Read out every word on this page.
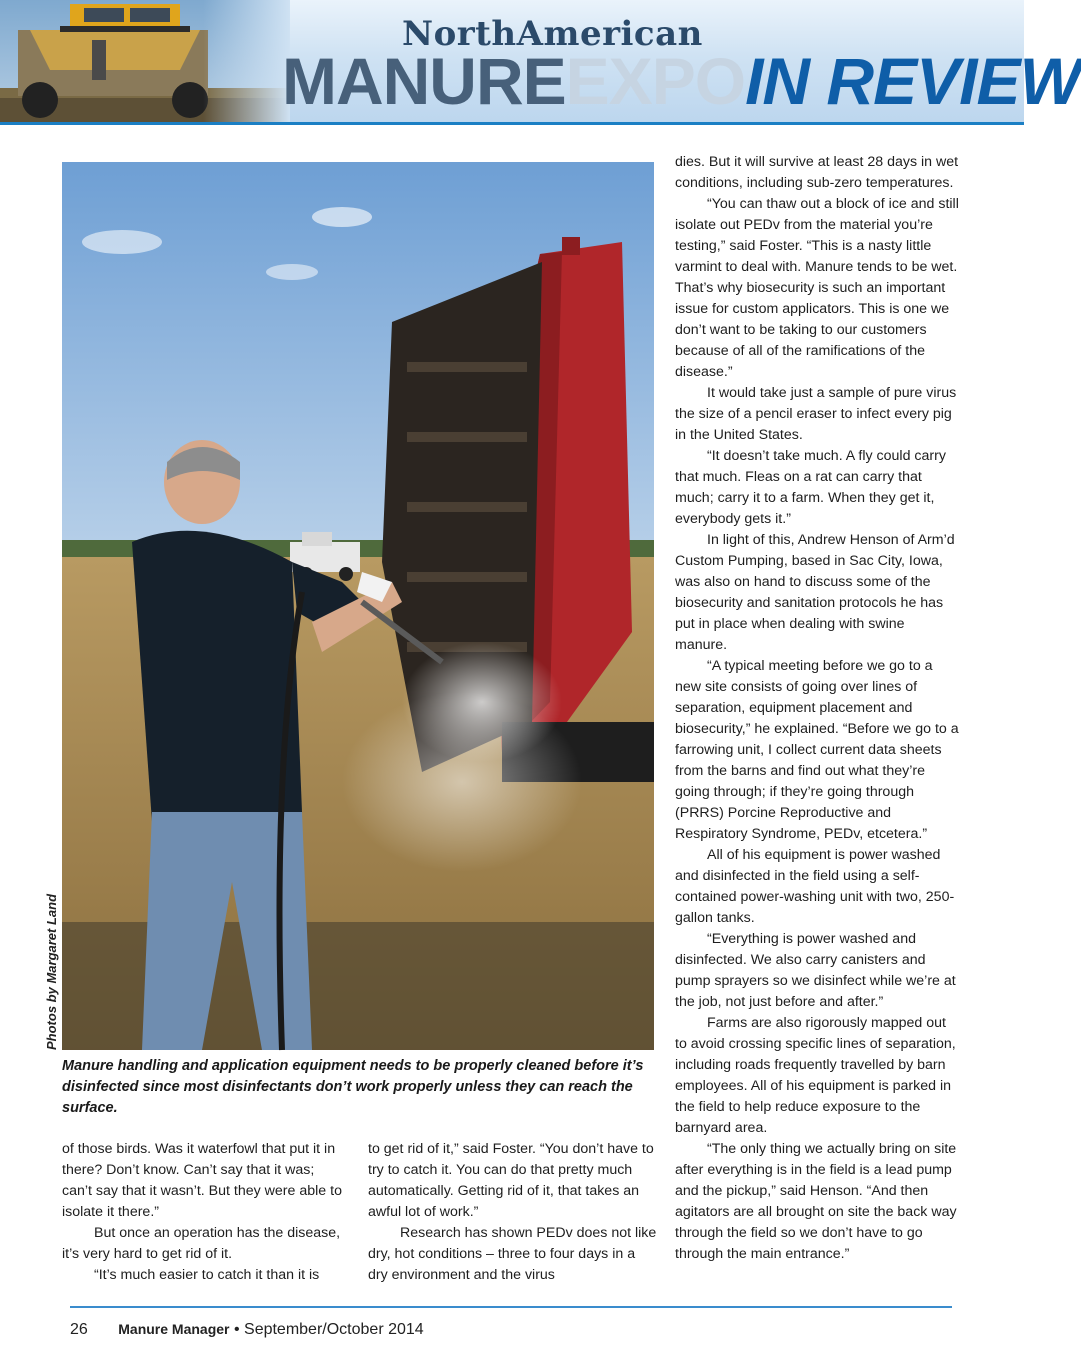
NorthAmerican
MANUREEXPOIN REVIEW
Photos by Margaret Land
Manure handling and application equipment needs to be properly cleaned before it’s disinfected since most disinfectants don’t work properly unless they can reach the surface.

of those birds. Was it waterfowl that put it in there? Don’t know. Can’t say that it was; can’t say that it wasn’t. But they were able to isolate it there.”

But once an operation has the disease, it’s very hard to get rid of it.

“It’s much easier to catch it than it is

to get rid of it,” said Foster. “You don’t have to try to catch it. You can do that pretty much automatically. Getting rid of it, that takes an awful lot of work.”

Research has shown PEDv does not like dry, hot conditions – three to four days in a dry environment and the virus

dies. But it will survive at least 28 days in wet conditions, including sub-zero temperatures.

“You can thaw out a block of ice and still isolate out PEDv from the material you’re testing,” said Foster. “This is a nasty little varmint to deal with. Manure tends to be wet. That’s why biosecurity is such an important issue for custom applicators. This is one we don’t want to be taking to our customers because of all of the ramifications of the disease.”

It would take just a sample of pure virus the size of a pencil eraser to infect every pig in the United States.

“It doesn’t take much. A fly could carry that much. Fleas on a rat can carry that much; carry it to a farm. When they get it, everybody gets it.”

In light of this, Andrew Henson of Arm’d Custom Pumping, based in Sac City, Iowa, was also on hand to discuss some of the biosecurity and sanitation protocols he has put in place when dealing with swine manure.

“A typical meeting before we go to a new site consists of going over lines of separation, equipment placement and biosecurity,” he explained. “Before we go to a farrowing unit, I collect current data sheets from the barns and find out what they’re going through; if they’re going through (PRRS) Porcine Reproductive and Respiratory Syndrome, PEDv, etcetera.”

All of his equipment is power washed and disinfected in the field using a self-contained power-washing unit with two, 250-gallon tanks.

“Everything is power washed and disinfected. We also carry canisters and pump sprayers so we disinfect while we’re at the job, not just before and after.”

Farms are also rigorously mapped out to avoid crossing specific lines of separation, including roads frequently travelled by barn employees. All of his equipment is parked in the field to help reduce exposure to the barnyard area.

“The only thing we actually bring on site after everything is in the field is a lead pump and the pickup,” said Henson. “And then agitators are all brought on site the back way through the field so we don’t have to go through the main entrance.”

26 Manure Manager • September/October 2014
